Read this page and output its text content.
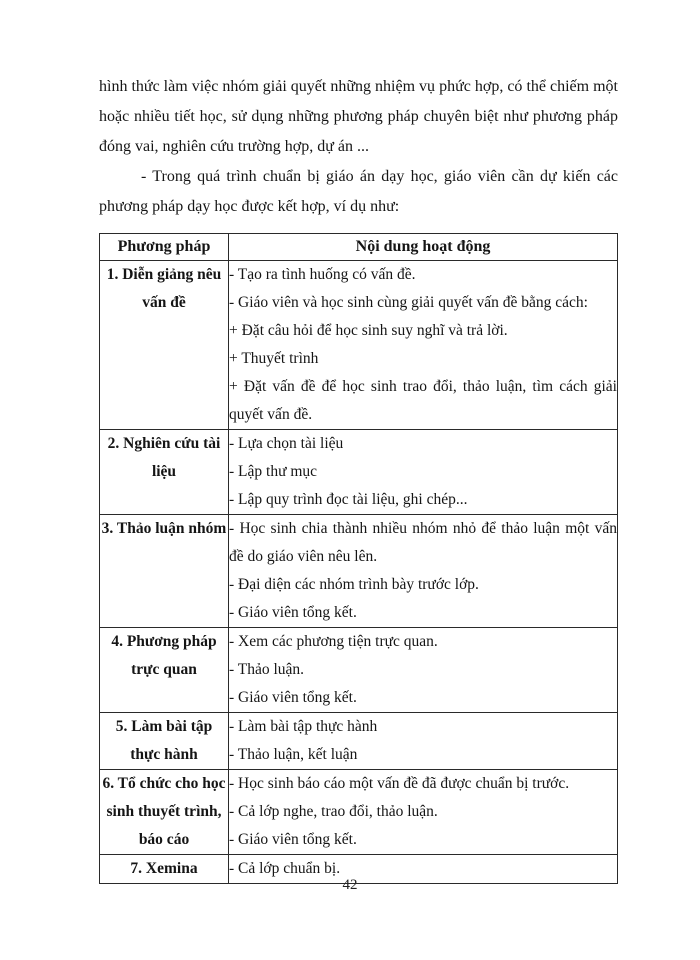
hình thức làm việc nhóm giải quyết những nhiệm vụ phức hợp, có thể chiếm một hoặc nhiều tiết học, sử dụng những phương pháp chuyên biệt như phương pháp đóng vai, nghiên cứu trường hợp, dự án ...

- Trong quá trình chuẩn bị giáo án dạy học, giáo viên cần dự kiến các phương pháp dạy học được kết hợp, ví dụ như:

Phương pháp	Nội dung hoạt động
1. Diễn giảng nêu vấn đề	- Tạo ra tình huống có vấn đề.
- Giáo viên và học sinh cùng giải quyết vấn đề bằng cách:
+ Đặt câu hỏi để học sinh suy nghĩ và trả lời.
+ Thuyết trình
+ Đặt vấn đề để học sinh trao đổi, thảo luận, tìm cách giải quyết vấn đề.

2. Nghiên cứu tài liệu	- Lựa chọn tài liệu
- Lập thư mục
- Lập quy trình đọc tài liệu, ghi chép...

3. Thảo luận nhóm	- Học sinh chia thành nhiều nhóm nhỏ để thảo luận một vấn đề do giáo viên nêu lên.
- Đại diện các nhóm trình bày trước lớp.
- Giáo viên tổng kết.

4. Phương pháp trực quan	- Xem các phương tiện trực quan.
- Thảo luận.
- Giáo viên tổng kết.

5. Làm bài tập thực hành	- Làm bài tập thực hành
- Thảo luận, kết luận

6. Tổ chức cho học sinh thuyết trình, báo cáo	- Học sinh báo cáo một vấn đề đã được chuẩn bị trước.
- Cả lớp nghe, trao đổi, thảo luận.
- Giáo viên tổng kết.

7. Xemina	- Cả lớp chuẩn bị.
42
